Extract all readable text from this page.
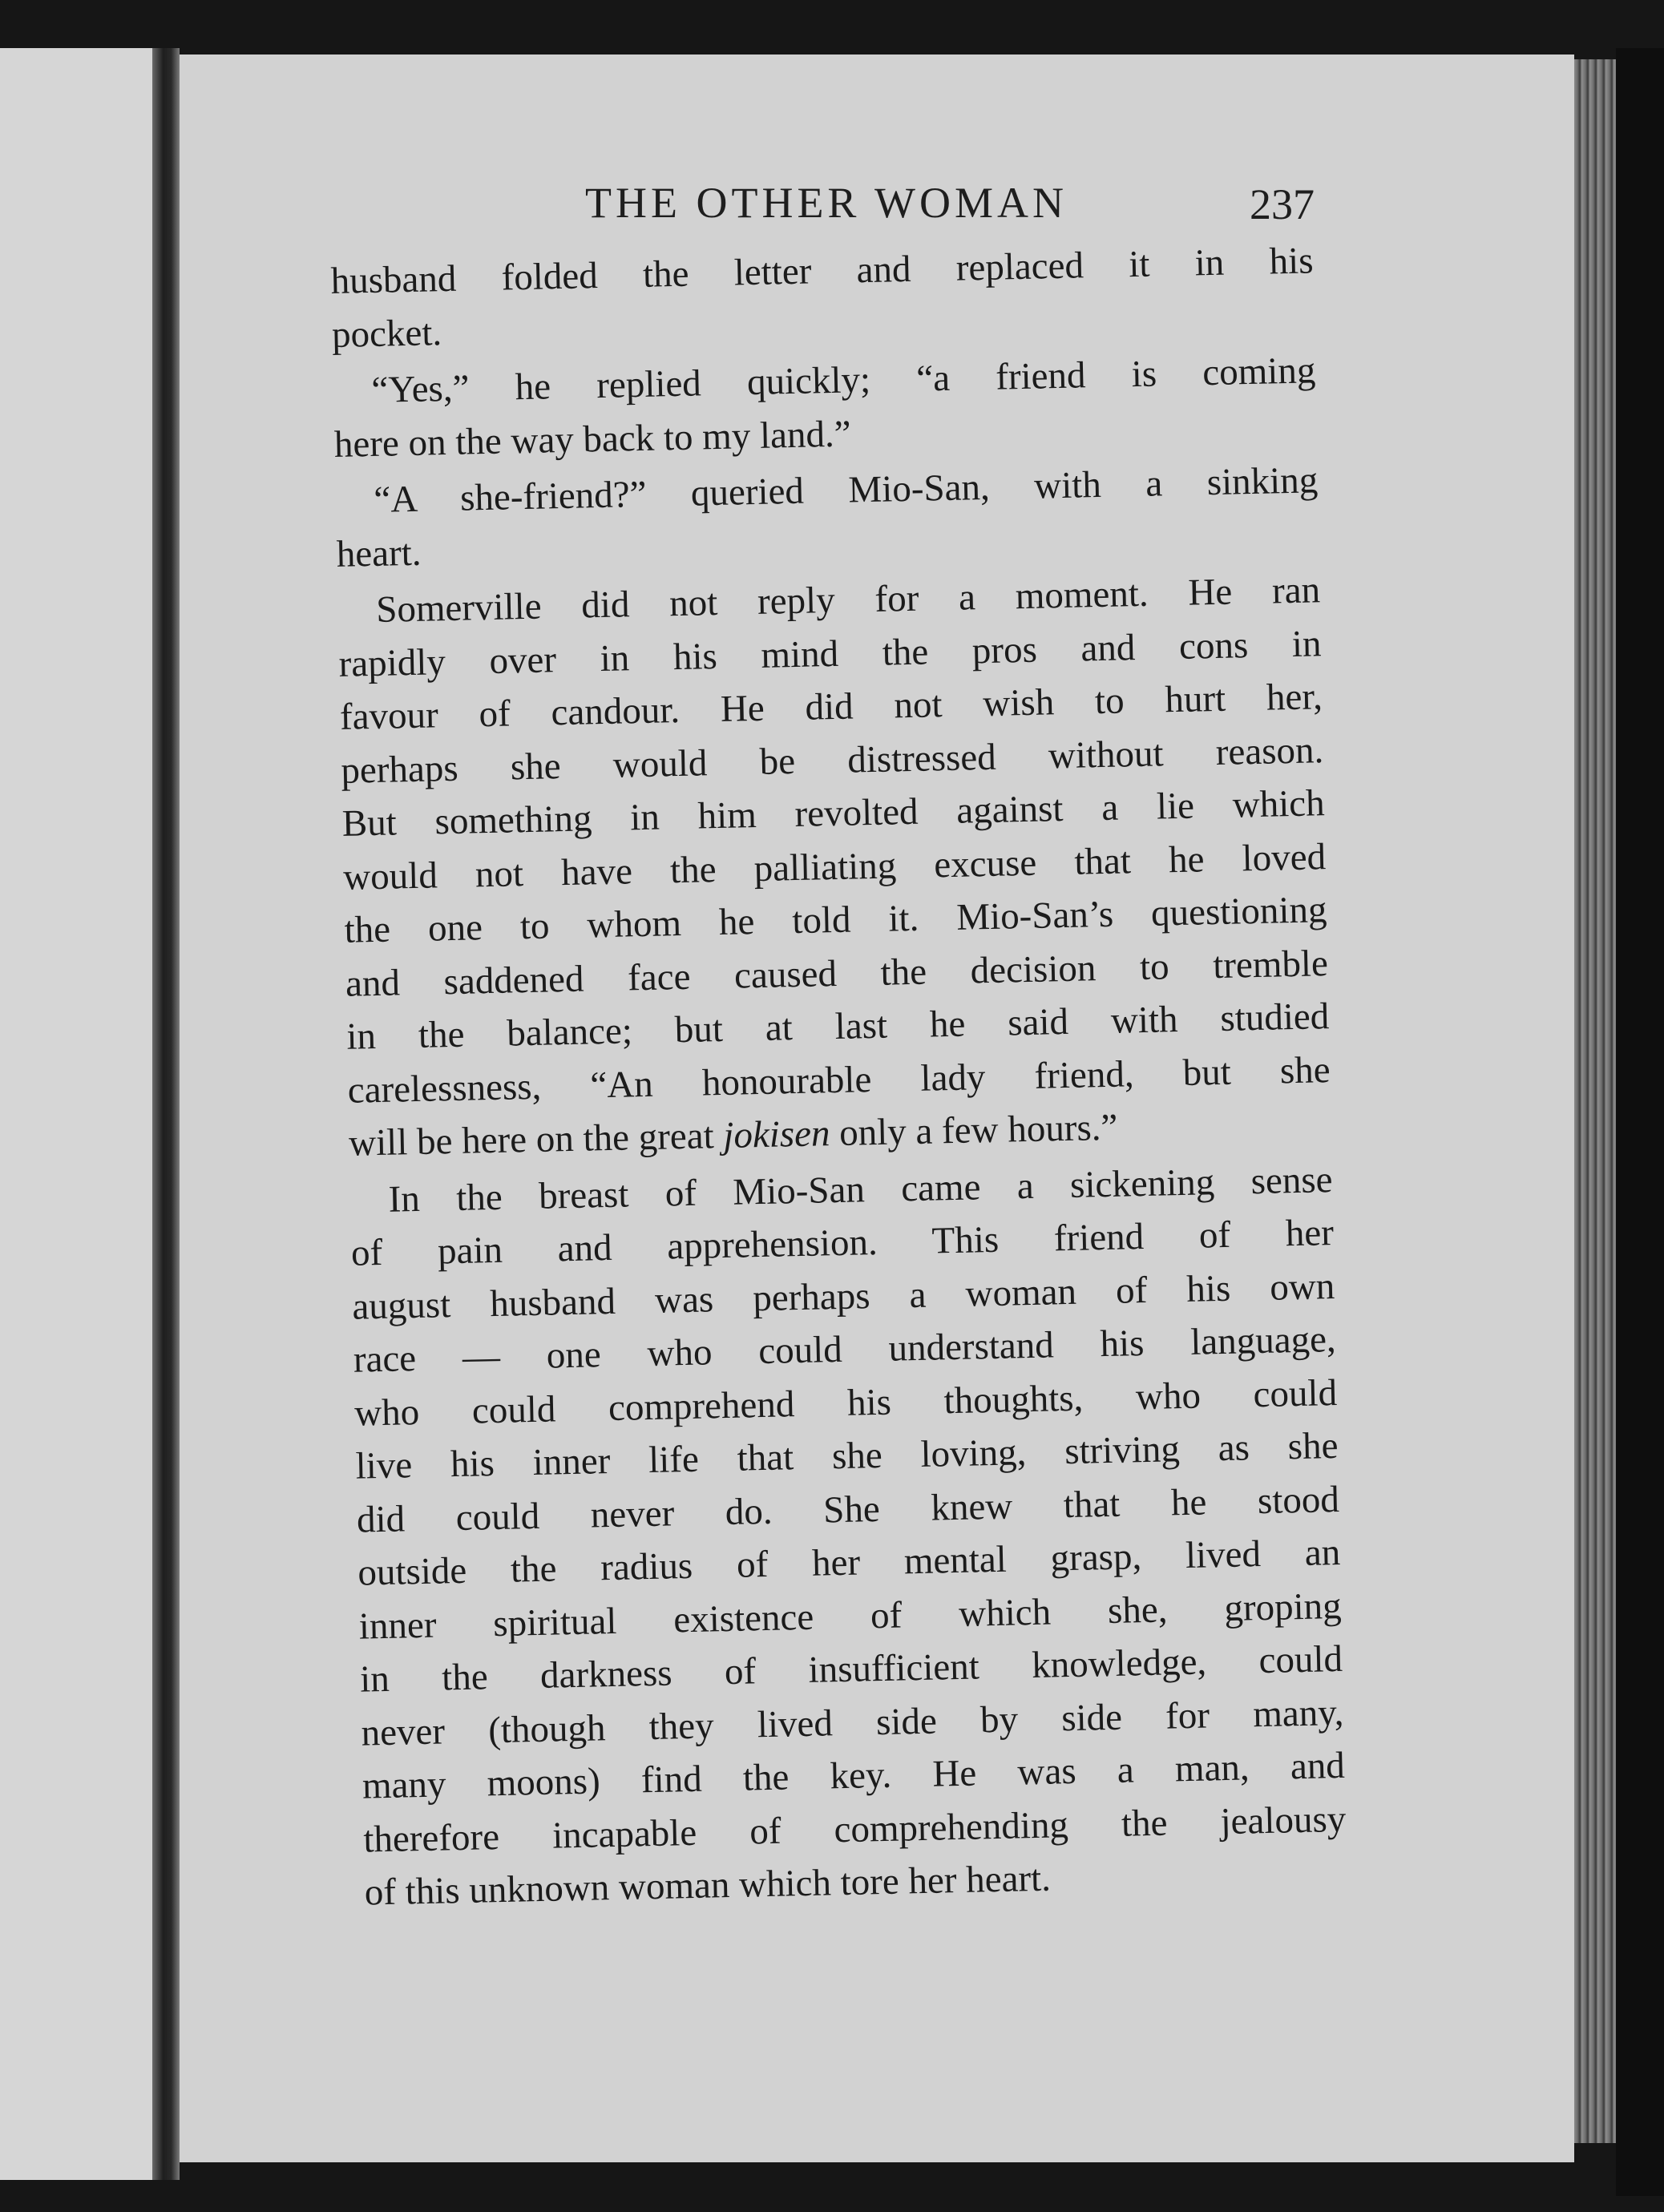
THE OTHER WOMAN	237
husband folded the letter and replaced it in his
pocket.
“Yes,” he replied quickly; “a friend is coming
here on the way back to my land.”
“A she-friend?” queried Mio-San, with a sinking
heart.
Somerville did not reply for a moment. He ran
rapidly over in his mind the pros and cons in
favour of candour. He did not wish to hurt her,
perhaps she would be distressed without reason.
But something in him revolted against a lie which
would not have the palliating excuse that he loved
the one to whom he told it. Mio-San’s questioning
and saddened face caused the decision to tremble
in the balance; but at last he said with studied
carelessness, “An honourable lady friend, but she
will be here on the great jokisen only a few hours.”
In the breast of Mio-San came a sickening sense
of pain and apprehension. This friend of her
august husband was perhaps a woman of his own
race — one who could understand his language,
who could comprehend his thoughts, who could
live his inner life that she loving, striving as she
did could never do. She knew that he stood
outside the radius of her mental grasp, lived an
inner spiritual existence of which she, groping
in the darkness of insufficient knowledge, could
never (though they lived side by side for many,
many moons) find the key. He was a man, and
therefore incapable of comprehending the jealousy
of this unknown woman which tore her heart.
